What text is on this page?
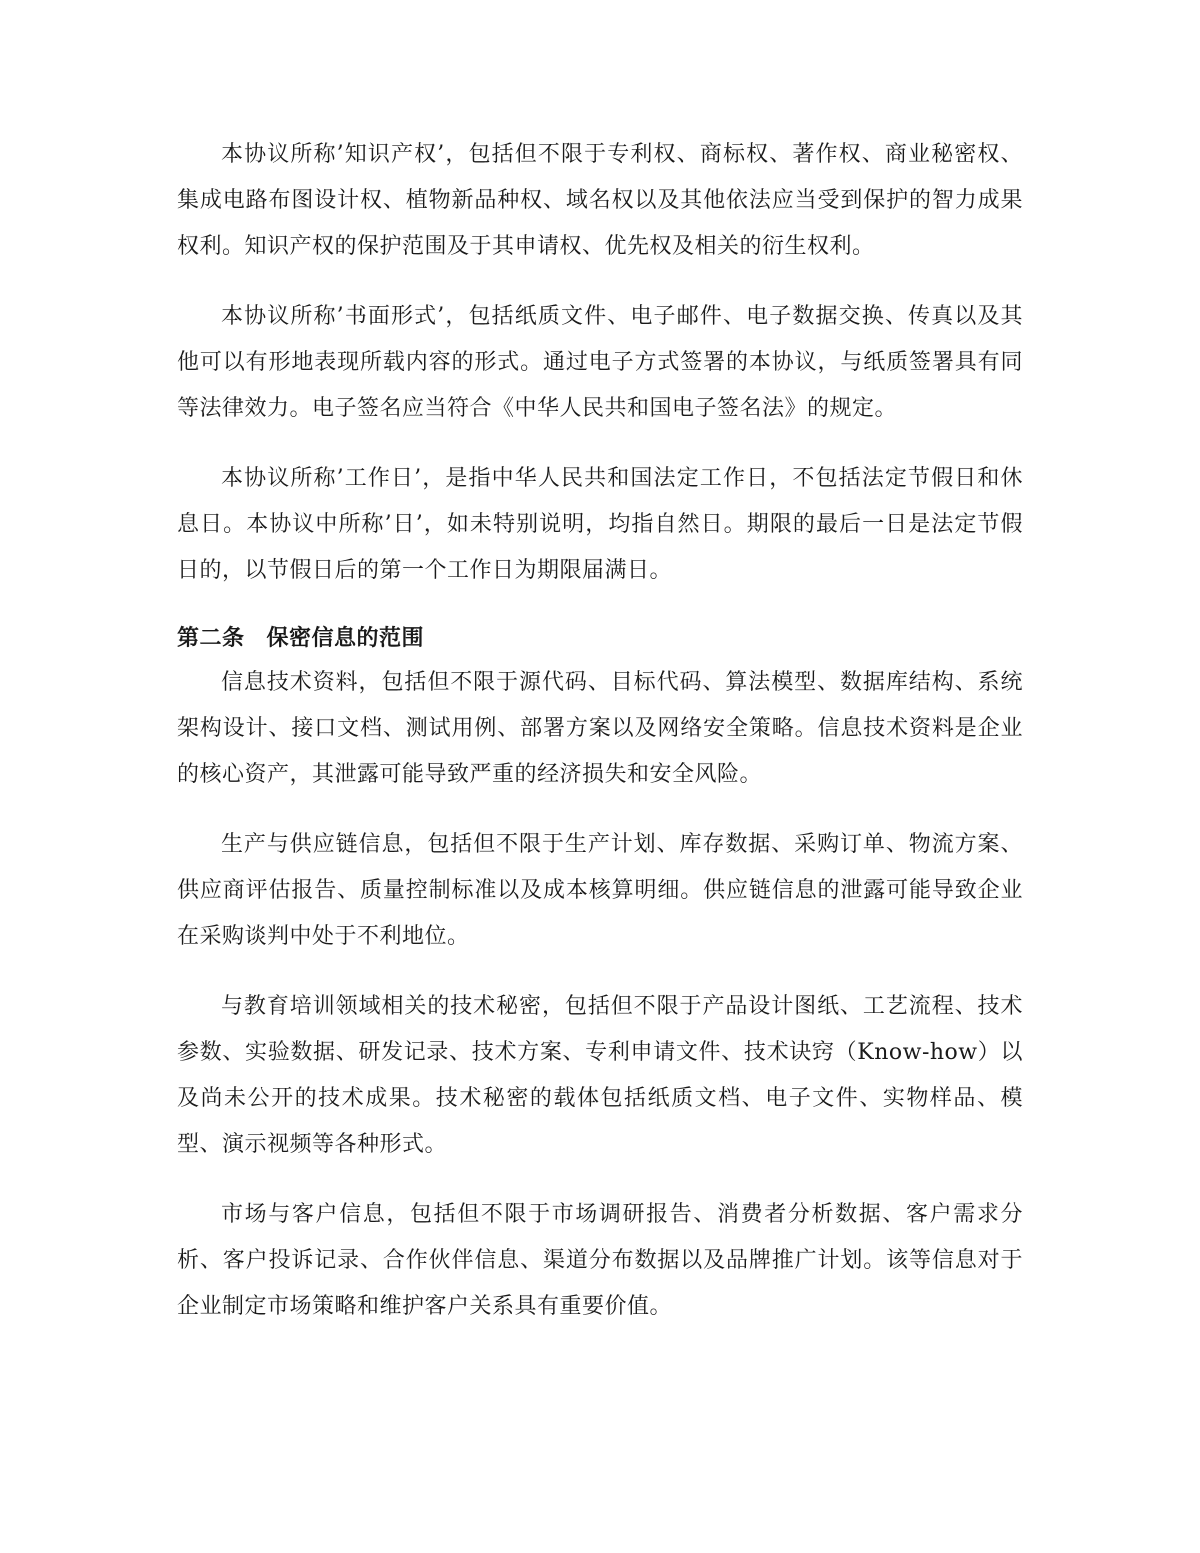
本协议所称’知识产权’，包括但不限于专利权、商标权、著作权、商业秘密权、集成电路布图设计权、植物新品种权、域名权以及其他依法应当受到保护的智力成果权利。知识产权的保护范围及于其申请权、优先权及相关的衍生权利。

本协议所称’书面形式’，包括纸质文件、电子邮件、电子数据交换、传真以及其他可以有形地表现所载内容的形式。通过电子方式签署的本协议，与纸质签署具有同等法律效力。电子签名应当符合《中华人民共和国电子签名法》的规定。

本协议所称’工作日’，是指中华人民共和国法定工作日，不包括法定节假日和休息日。本协议中所称’日’，如未特别说明，均指自然日。期限的最后一日是法定节假日的，以节假日后的第一个工作日为期限届满日。

第二条 保密信息的范围

信息技术资料，包括但不限于源代码、目标代码、算法模型、数据库结构、系统架构设计、接口文档、测试用例、部署方案以及网络安全策略。信息技术资料是企业的核心资产，其泄露可能导致严重的经济损失和安全风险。

生产与供应链信息，包括但不限于生产计划、库存数据、采购订单、物流方案、供应商评估报告、质量控制标准以及成本核算明细。供应链信息的泄露可能导致企业在采购谈判中处于不利地位。

与教育培训领域相关的技术秘密，包括但不限于产品设计图纸、工艺流程、技术参数、实验数据、研发记录、技术方案、专利申请文件、技术诀窍（Know-how）以及尚未公开的技术成果。技术秘密的载体包括纸质文档、电子文件、实物样品、模型、演示视频等各种形式。

市场与客户信息，包括但不限于市场调研报告、消费者分析数据、客户需求分析、客户投诉记录、合作伙伴信息、渠道分布数据以及品牌推广计划。该等信息对于企业制定市场策略和维护客户关系具有重要价值。
